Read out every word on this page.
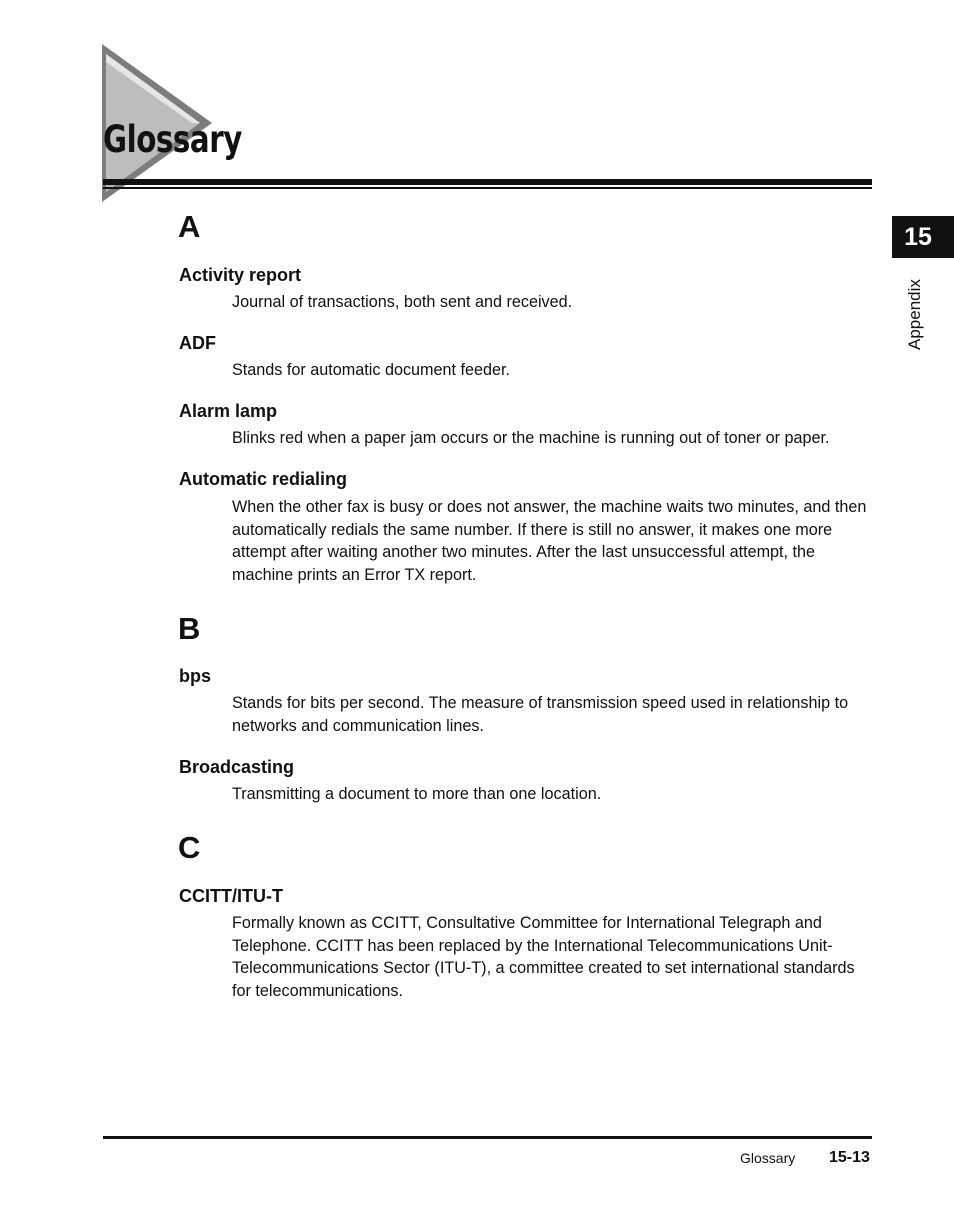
Glossary
15
Appendix
A
Activity report

Journal of transactions, both sent and received.

ADF

Stands for automatic document feeder.

Alarm lamp

Blinks red when a paper jam occurs or the machine is running out of toner or paper.

Automatic redialing

When the other fax is busy or does not answer, the machine waits two minutes, and then automatically redials the same number. If there is still no answer, it makes one more attempt after waiting another two minutes. After the last unsuccessful attempt, the machine prints an Error TX report.

B
bps

Stands for bits per second. The measure of transmission speed used in relationship to networks and communication lines.

Broadcasting

Transmitting a document to more than one location.

C
CCITT/ITU-T

Formally known as CCITT, Consultative Committee for International Telegraph and Telephone. CCITT has been replaced by the International Telecommunications Unit-Telecommunications Sector (ITU-T), a committee created to set international standards for telecommunications.

Glossary 15-13
